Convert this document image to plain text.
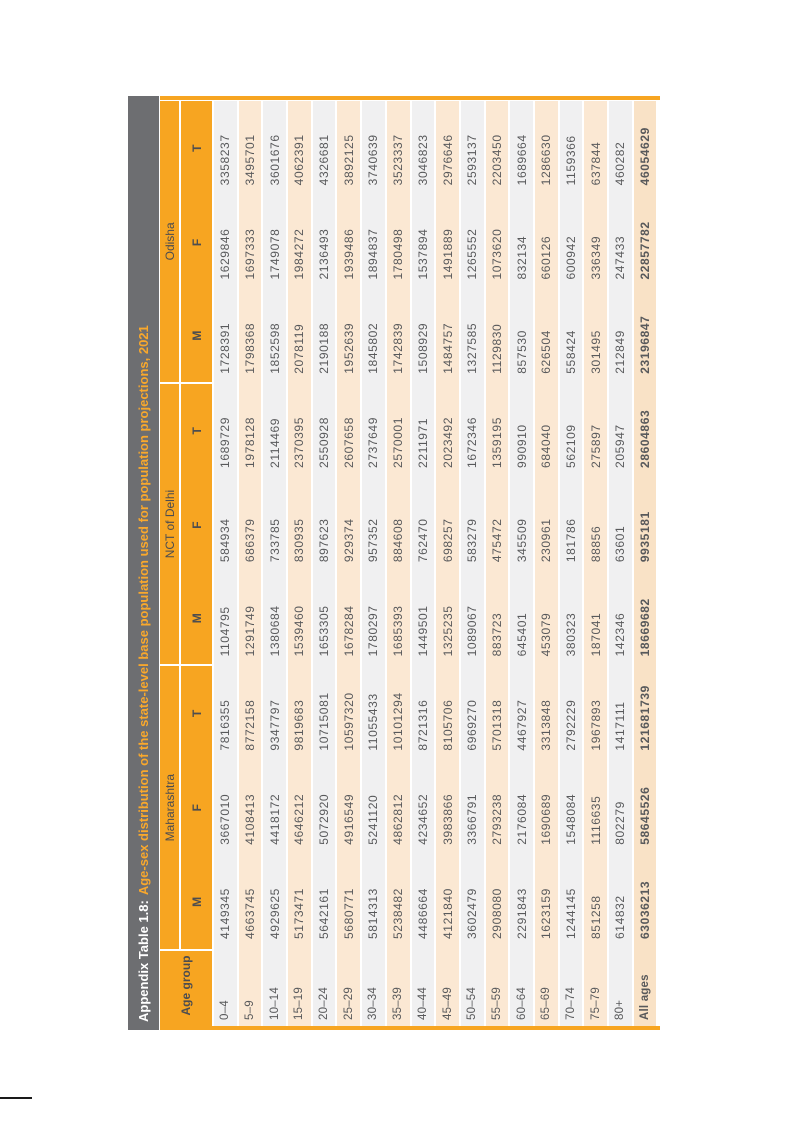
Appendix Table 1.8:
Age-sex distribution of the state-level base population used for population projections, 2021
Age group	Maharashtra			NCT of Delhi			Odisha		
	M	F	T	M	F	T	M	F	T
0–4	4149345	3667010	7816355	1104795	584934	1689729	1728391	1629846	3358237
5–9	4663745	4108413	8772158	1291749	686379	1978128	1798368	1697333	3495701
10–14	4929625	4418172	9347797	1380684	733785	2114469	1852598	1749078	3601676
15–19	5173471	4646212	9819683	1539460	830935	2370395	2078119	1984272	4062391
20–24	5642161	5072920	10715081	1653305	897623	2550928	2190188	2136493	4326681
25–29	5680771	4916549	10597320	1678284	929374	2607658	1952639	1939486	3892125
30–34	5814313	5241120	11055433	1780297	957352	2737649	1845802	1894837	3740639
35–39	5238482	4862812	10101294	1685393	884608	2570001	1742839	1780498	3523337
40–44	4486664	4234652	8721316	1449501	762470	2211971	1508929	1537894	3046823
45–49	4121840	3983866	8105706	1325235	698257	2023492	1484757	1491889	2976646
50–54	3602479	3366791	6969270	1089067	583279	1672346	1327585	1265552	2593137
55–59	2908080	2793238	5701318	883723	475472	1359195	1129830	1073620	2203450
60–64	2291843	2176084	4467927	645401	345509	990910	857530	832134	1689664
65–69	1623159	1690689	3313848	453079	230961	684040	626504	660126	1286630
70–74	1244145	1548084	2792229	380323	181786	562109	558424	600942	1159366
75–79	851258	1116635	1967893	187041	88856	275897	301495	336349	637844
80+	614832	802279	1417111	142346	63601	205947	212849	247433	460282
All ages	63036213	58645526	121681739	18669682	9935181	28604863	23196847	22857782	46054629
